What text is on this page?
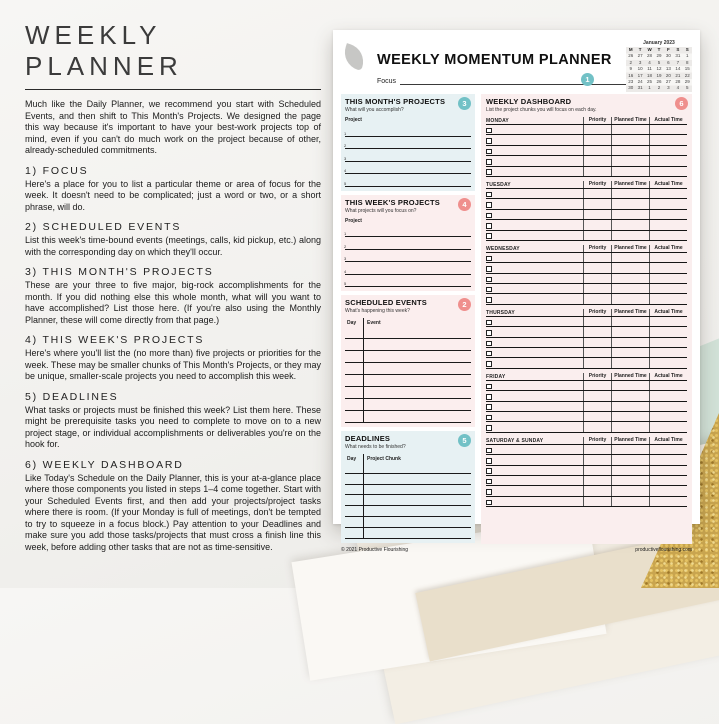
WEEKLY PLANNER

Much like the Daily Planner, we recommend you start with Scheduled Events, and then shift to This Month's Projects. We designed the page this way because it's important to have your best-work projects top of mind, even if you can't do much work on the project because of other, already-scheduled commitments.

1) FOCUS

Here's a place for you to list a particular theme or area of focus for the week. It doesn't need to be complicated; just a word or two, or a short phrase, will do.

2) SCHEDULED EVENTS

List this week's time-bound events (meetings, calls, kid pickup, etc.) along with the corresponding day on which they'll occur.

3) THIS MONTH'S PROJECTS

These are your three to five major, big-rock accomplishments for the month. If you did nothing else this whole month, what will you want to have accomplished? List those here. (If you're also using the Monthly Planner, these will come directly from that page.)

4) THIS WEEK'S PROJECTS

Here's where you'll list the (no more than) five projects or priorities for the week. These may be smaller chunks of This Month's Projects, or they may be unique, smaller-scale projects you need to accomplish this week.

5) DEADLINES

What tasks or projects must be finished this week? List them here. These might be prerequisite tasks you need to complete to move on to a new project stage, or individual accomplishments or deliverables you're on the hook for.

6) WEEKLY DASHBOARD

Like Today's Schedule on the Daily Planner, this is your at-a-glance place where those components you listed in steps 1–4 come together. Start with your Scheduled Events first, and then add your projects/project tasks where there is room. (If your Monday is full of meetings, don't be tempted to try to squeeze in a focus block.) Pay attention to your Deadlines and make sure you add those tasks/projects that must cross a finish line this week, before adding other tasks that are not as time-sensitive.

WEEKLY MOMENTUM PLANNER
Focus	1
January 2023
M	T	W	T	F	S	S
26 27 28 29 30 31	1
2	3	4	5	6	7	8
9	10	11	12 13 14 15
16 17 18 19 20 21 22
23 24 25 26 27 28 29
30 31	1	2	3	4	5
THIS MONTH'S PROJECTS
What will you accomplish?
3
Project
1
2
3
4
5
THIS WEEK'S PROJECTS
What projects will you focus on?
4
Project
1
2
3
4
5
SCHEDULED EVENTS
What's happening this week?
2
Day	Event
DEADLINES
What needs to be finished?
5
Day	Project Chunk
© 2021 Productive Flourishing
WEEKLY DASHBOARD
List the project chunks you will focus on each day.
6
MONDAY	Priority	Planned Time	Actual Time
TUESDAY	Priority	Planned Time	Actual Time
WEDNESDAY	Priority	Planned Time	Actual Time
THURSDAY	Priority	Planned Time	Actual Time
FRIDAY	Priority	Planned Time	Actual Time
SATURDAY & SUNDAY	Priority	Planned Time	Actual Time
productiveflourishing.com
